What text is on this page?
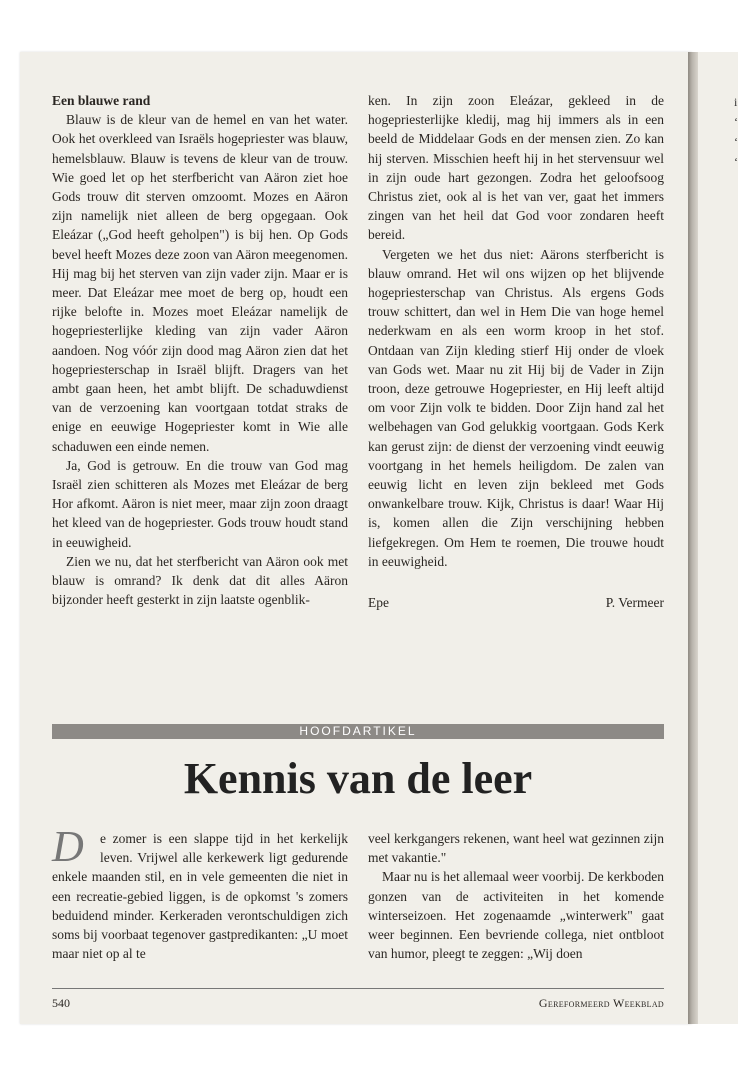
i
‘
‘
‘

Een blauwe rand

Blauw is de kleur van de hemel en van het water. Ook het overkleed van Israëls hogepriester was blauw, hemelsblauw. Blauw is tevens de kleur van de trouw. Wie goed let op het sterfbericht van Aäron ziet hoe Gods trouw dit sterven omzoomt. Mozes en Aäron zijn namelijk niet alleen de berg opgegaan. Ook Eleázar („God heeft geholpen") is bij hen. Op Gods bevel heeft Mozes deze zoon van Aäron meegenomen. Hij mag bij het sterven van zijn vader zijn. Maar er is meer. Dat Eleázar mee moet de berg op, houdt een rijke belofte in. Mozes moet Eleázar namelijk de hogepriesterlijke kleding van zijn vader Aäron aandoen. Nog vóór zijn dood mag Aäron zien dat het hogepriesterschap in Israël blijft. Dragers van het ambt gaan heen, het ambt blijft. De schaduwdienst van de verzoening kan voortgaan totdat straks de enige en eeuwige Hogepriester komt in Wie alle schaduwen een einde nemen.

Ja, God is getrouw. En die trouw van God mag Israël zien schitteren als Mozes met Eleázar de berg Hor afkomt. Aäron is niet meer, maar zijn zoon draagt het kleed van de hogepriester. Gods trouw houdt stand in eeuwigheid.

Zien we nu, dat het sterfbericht van Aäron ook met blauw is omrand? Ik denk dat dit alles Aäron bijzonder heeft gesterkt in zijn laatste ogenblik-

ken. In zijn zoon Eleázar, gekleed in de hogepriesterlijke kledij, mag hij immers als in een beeld de Middelaar Gods en der mensen zien. Zo kan hij sterven. Misschien heeft hij in het stervensuur wel in zijn oude hart gezongen. Zodra het geloofsoog Christus ziet, ook al is het van ver, gaat het immers zingen van het heil dat God voor zondaren heeft bereid.

Vergeten we het dus niet: Aärons sterfbericht is blauw omrand. Het wil ons wijzen op het blijvende hogepriesterschap van Christus. Als ergens Gods trouw schittert, dan wel in Hem Die van hoge hemel nederkwam en als een worm kroop in het stof. Ontdaan van Zijn kleding stierf Hij onder de vloek van Gods wet. Maar nu zit Hij bij de Vader in Zijn troon, deze getrouwe Hogepriester, en Hij leeft altijd om voor Zijn volk te bidden. Door Zijn hand zal het welbehagen van God gelukkig voortgaan. Gods Kerk kan gerust zijn: de dienst der verzoening vindt eeuwig voortgang in het hemels heiligdom. De zalen van eeuwig licht en leven zijn bekleed met Gods onwankelbare trouw. Kijk, Christus is daar! Waar Hij is, komen allen die Zijn verschijning hebben liefgekregen. Om Hem te roemen, Die trouwe houdt in eeuwigheid.

Epe	P. Vermeer
HOOFDARTIKEL
Kennis van de leer

D	e zomer is een slappe tijd in het kerkelijk leven. Vrijwel alle kerkewerk ligt gedurende enkele maanden stil, en in vele gemeenten die niet in een recreatie-gebied liggen, is de opkomst 's zomers beduidend minder. Kerkeraden verontschuldigen zich soms bij voorbaat tegenover gastpredikanten: „U moet maar niet op al te

veel kerkgangers rekenen, want heel wat gezinnen zijn met vakantie."

Maar nu is het allemaal weer voorbij. De kerkboden gonzen van de activiteiten in het komende winterseizoen. Het zogenaamde „winterwerk" gaat weer beginnen. Een bevriende collega, niet ontbloot van humor, pleegt te zeggen: „Wij doen

540	Gereformeerd Weekblad
